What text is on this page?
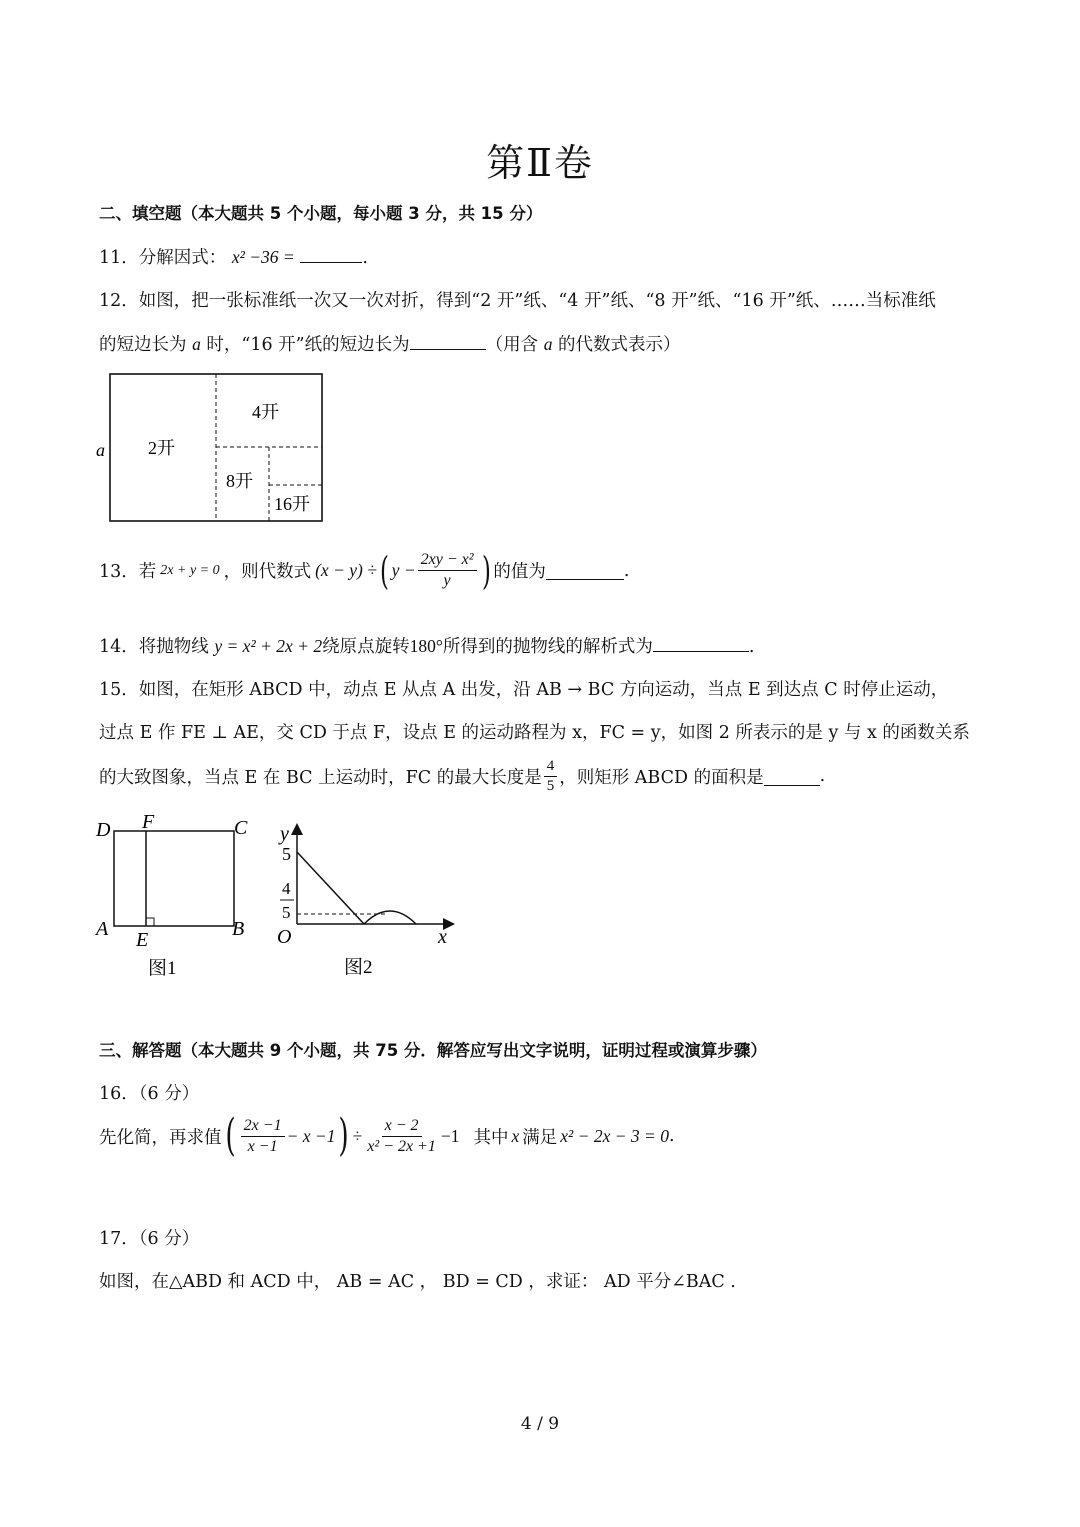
第Ⅱ卷
二、填空题（本大题共 5 个小题，每小题 3 分，共 15 分）
11．分解因式： x² −36 =	.
12．如图，把一张标准纸一次又一次对折，得到“2 开”纸、“4 开”纸、“8 开”纸、“16 开”纸、……当标准纸
的短边长为 a 时，“16 开”纸的短边长为	（用含 a 的代数式表示）
a 2开
4开
8开
16开
13．若 2x + y = 0 ，则代数式 (x − y) ÷ ( $y - \frac{\text{2xy − x²}}{y}$ ) 的值为	.
14．将抛物线 y = x² + 2x + 2绕原点旋转180°所得到的抛物线的解析式为	.
15．如图，在矩形 ABCD 中，动点 E 从点 A 出发，沿 AB → BC 方向运动，当点 E 到达点 C 时停止运动，
过点 E 作 FE ⊥ AE，交 CD 于点 F，设点 E 的运动路程为 x，FC = y，如图 2 所表示的是 y 与 x 的函数关系
的大致图象，当点 E 在 BC 上运动时，FC 的最大长度是 $\frac{4}{5}$ ，则矩形 ABCD 的面积是	.
D F	C
A E	B
图1
y
5
4
5
O	x
图2
三、解答题（本大题共 9 个小题，共 75 分．解答应写出文字说明，证明过程或演算步骤）
16．（6 分）
先化简，再求值 ( $\frac{2x -1}{x -1} - x -1$ ) ÷ $\frac{x - 2}{\text{x² − 2x +1}} -1$ 其中 x 满足 x² − 2x − 3 = 0 .
17．（6 分）
如图，在△ABD 和 ACD 中， AB = AC ， BD = CD ，求证： AD 平分∠BAC .
4 / 9
